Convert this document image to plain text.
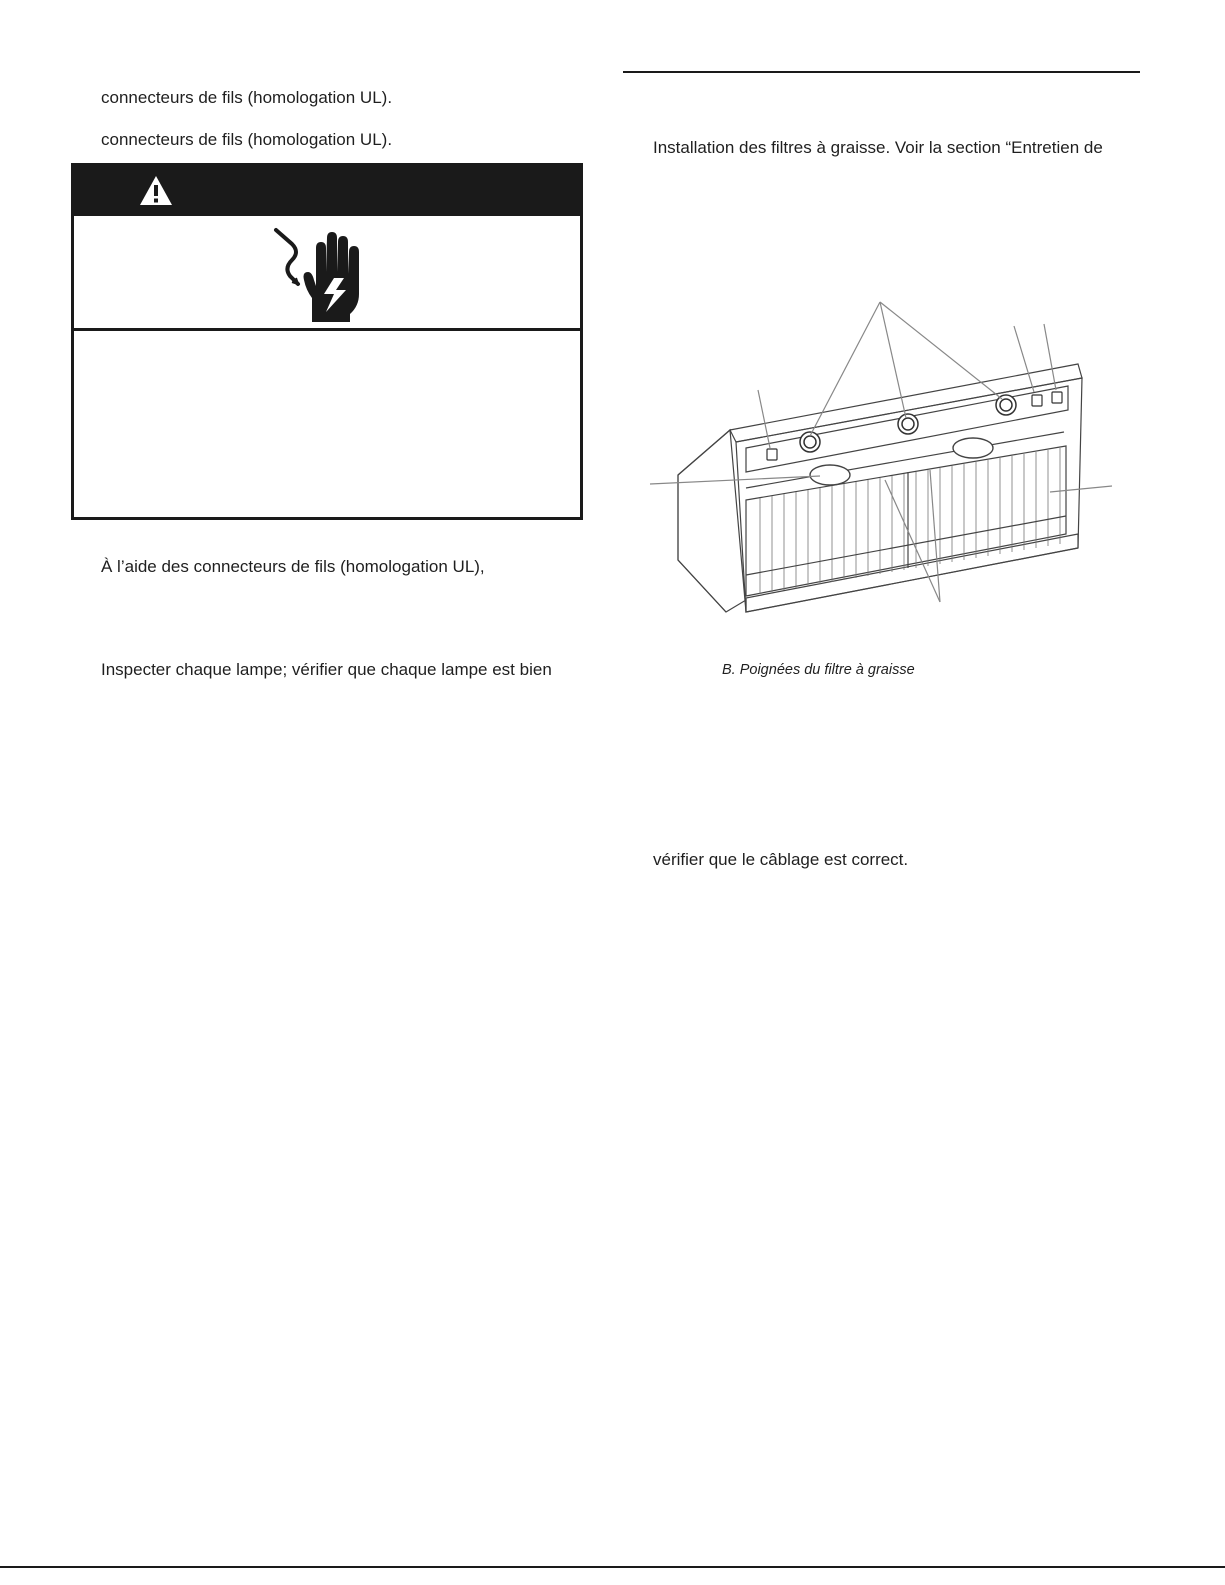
connecteurs de fils (homologation UL).
connecteurs de fils (homologation UL).
À l’aide des connecteurs de fils (homologation UL),
Inspecter chaque lampe; vérifier que chaque lampe est bien
Installation des filtres à graisse. Voir la section “Entretien de
B. Poignées du filtre à graisse
vérifier que le câblage est correct.
